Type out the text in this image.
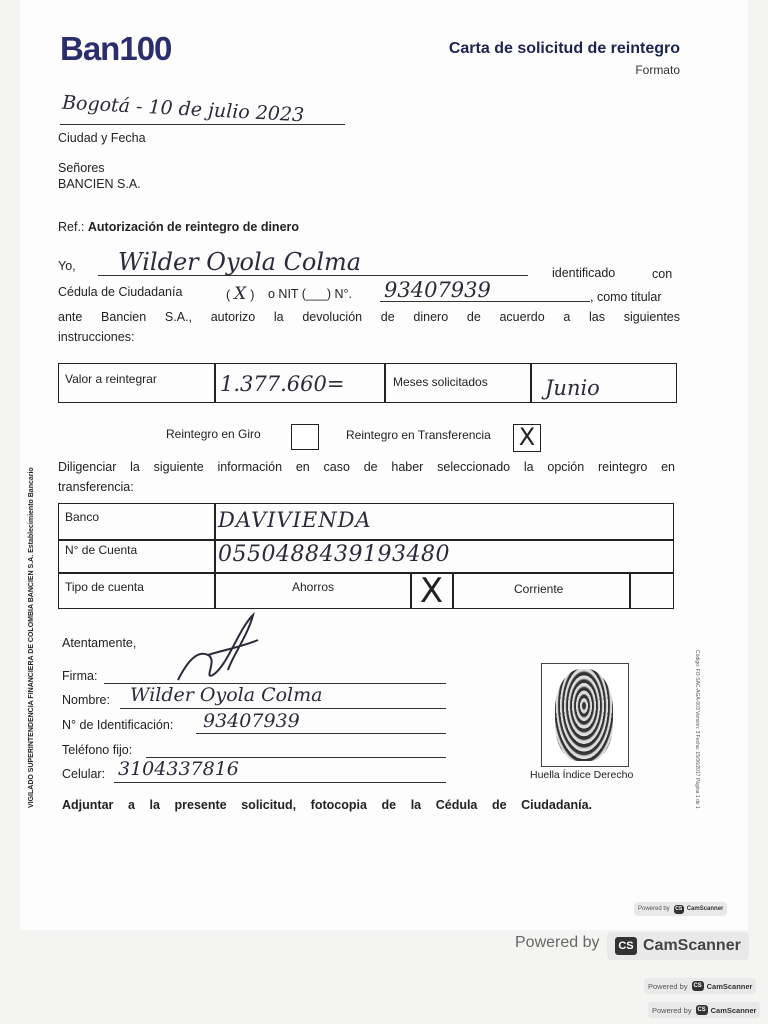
Ban100	Carta de solicitud de reintegro
Formato
Bogotá - 10 de julio 2023
Ciudad y Fecha
Señores
BANCIEN S.A.
Ref.: Autorización de reintegro de dinero
Yo, Wilder Oyola Colma	identificado	con
Cédula de Ciudadanía	( X ) o NIT (___) N°. 93407939	, como titular
ante Bancien S.A., autorizo la devolución de dinero de acuerdo a las siguientes
instrucciones:
Valor a reintegrar	1.377.660=	Meses solicitados	Junio
Reintegro en Giro	Reintegro en Transferencia X
Diligenciar la siguiente información en caso de haber seleccionado la opción reintegro en
transferencia:
Banco	DAVIVIENDA
N° de Cuenta	0550488439193480
Tipo de cuenta	Ahorros	X	Corriente
Atentamente,
Firma:
Nombre: Wilder Oyola Colma
N° de Identificación: 93407939
Teléfono fijo:
Celular: 3104337816	Huella Índice Derecho
Adjuntar a la presente solicitud, fotocopia de la Cédula de Ciudadanía.
VIGILADO SUPERINTENDENCIA FINANCIERA DE COLOMBIA BANCIEN S.A. Establecimiento Bancario	Código: FO-SAC-AGA-003 Versión: 3 Fecha: 15/06/2017 Página 1 de 1
Powered by	CS CamScanner
Powered by	CS CamScanner
Powered by CS CamScanner
Powered by CS CamScanner
